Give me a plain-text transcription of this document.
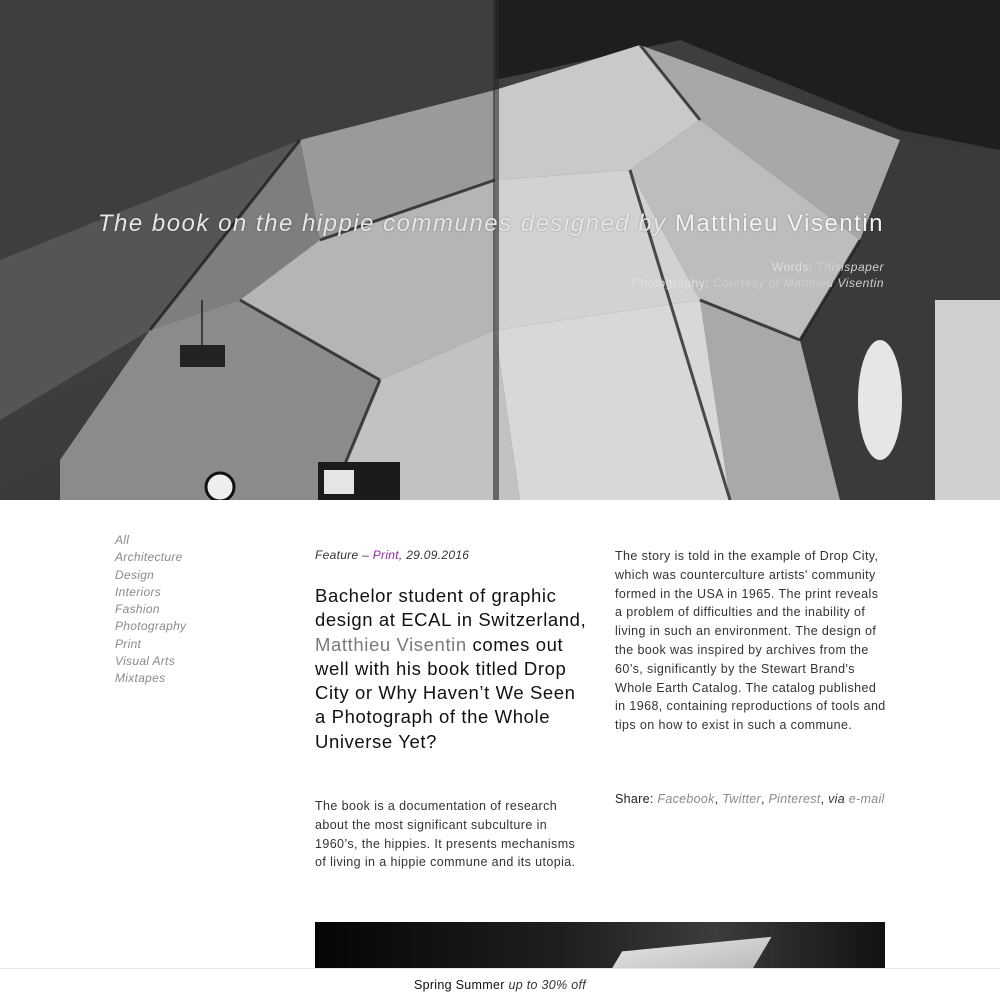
The book on the hippie communes designed by Matthieu Visentin
Words: Thisispaper
Photography: Courtesy of Matthieu Visentin
All
Architecture
Design
Interiors
Fashion
Photography
Print
Visual Arts
Mixtapes
Feature – Print, 29.09.2016
Bachelor student of graphic design at ECAL in Switzerland, Matthieu Visentin comes out well with his book titled Drop City or Why Haven’t We Seen a Photograph of the Whole Universe Yet?

The book is a documentation of research about the most significant subculture in 1960’s, the hippies. It presents mechanisms of living in a hippie commune and its utopia.

The story is told in the example of Drop City, which was counterculture artists' community formed in the USA in 1965. The print reveals a problem of difficulties and the inability of living in such an environment. The design of the book was inspired by archives from the 60’s, significantly by the Stewart Brand's Whole Earth Catalog. The catalog published in 1968, containing reproductions of tools and tips on how to exist in such a commune.

Share: Facebook, Twitter, Pinterest, via e-mail
Spring Summer up to 30% off
